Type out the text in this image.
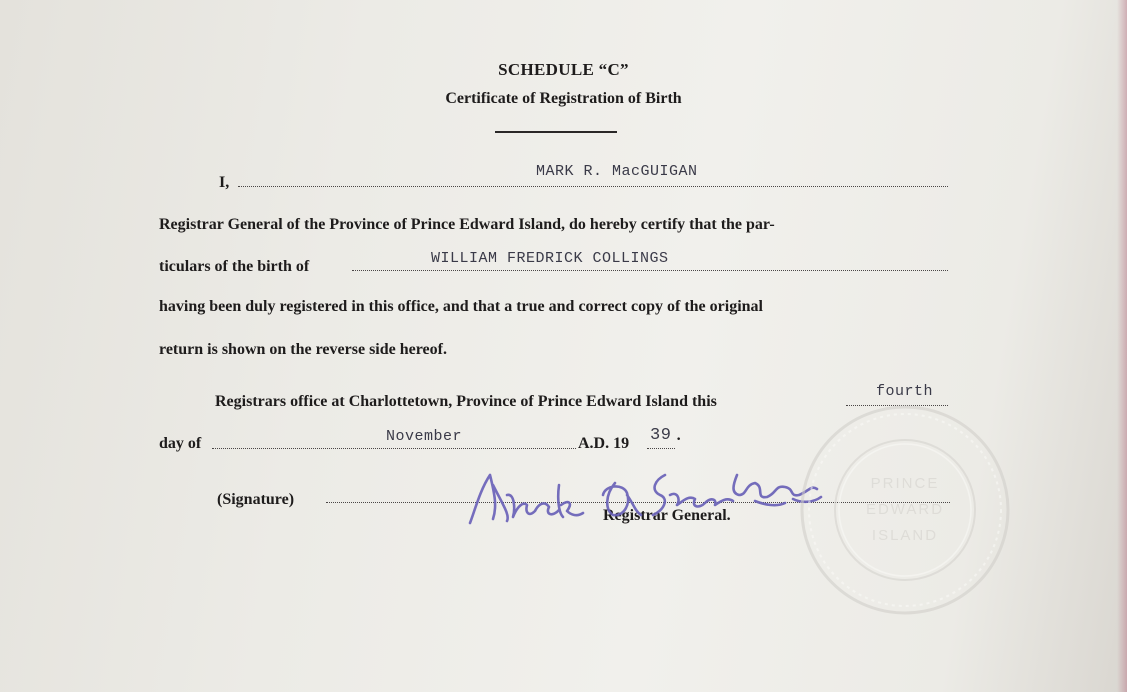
SCHEDULE “C”
Certificate of Registration of Birth
I,
MARK R. MacGUIGAN
Registrar General of the Province of Prince Edward Island, do hereby certify that the par-
ticulars of the birth of	WILLIAM FREDRICK COLLINGS
having been duly registered in this office, and that a true and correct copy of the original
return is shown on the reverse side hereof.
Registrars office at Charlottetown, Province of Prince Edward Island this
fourth
day of	November	A.D. 19 39 ·
(Signature)
Registrar General.
PRINCE
EDWARD
ISLAND
